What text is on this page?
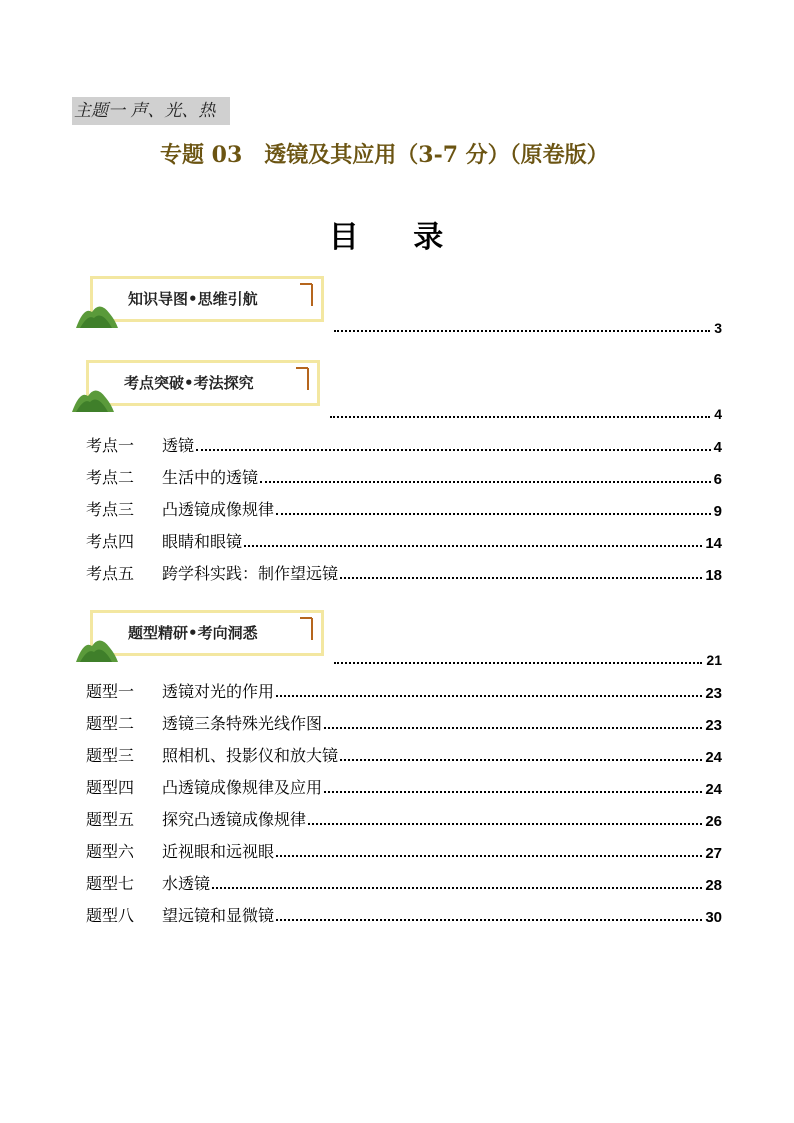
主题一 声、光、热
专题 03　透镜及其应用（3-7 分）（原卷版）
目 录
知识导图•思维引航
3
考点突破•考法探究
4
考点一	透镜	4
考点二	生活中的透镜	6
考点三	凸透镜成像规律	9
考点四	眼睛和眼镜	14
考点五	跨学科实践：制作望远镜	18
题型精研•考向洞悉
21
题型一	透镜对光的作用	23
题型二	透镜三条特殊光线作图	23
题型三	照相机、投影仪和放大镜	24
题型四	凸透镜成像规律及应用	24
题型五	探究凸透镜成像规律	26
题型六	近视眼和远视眼	27
题型七	水透镜	28
题型八	望远镜和显微镜	30
